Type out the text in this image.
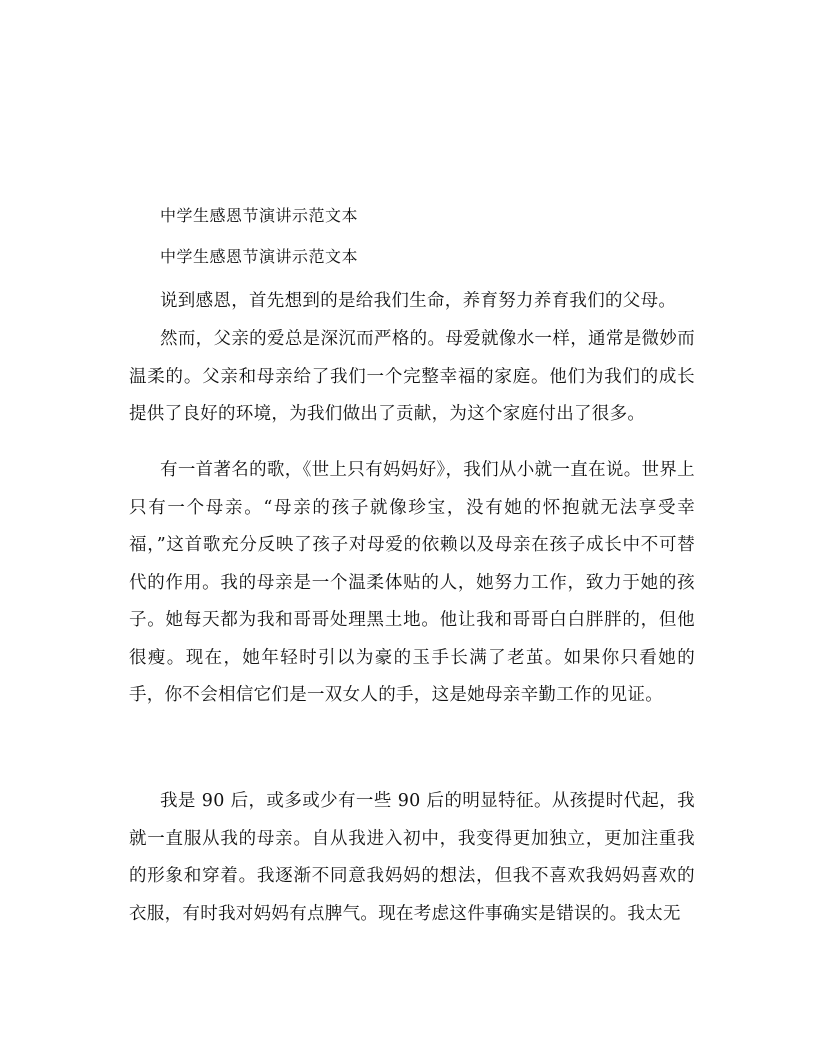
中学生感恩节演讲示范文本
中学生感恩节演讲示范文本

说到感恩，首先想到的是给我们生命，养育努力养育我们的父母。

然而，父亲的爱总是深沉而严格的。母爱就像水一样，通常是微妙而温柔的。父亲和母亲给了我们一个完整幸福的家庭。他们为我们的成长提供了良好的环境，为我们做出了贡献，为这个家庭付出了很多。

有一首著名的歌，《世上只有妈妈好》，我们从小就一直在说。世界上只有一个母亲。“母亲的孩子就像珍宝，没有她的怀抱就无法享受幸福，”这首歌充分反映了孩子对母爱的依赖以及母亲在孩子成长中不可替代的作用。我的母亲是一个温柔体贴的人，她努力工作，致力于她的孩子。她每天都为我和哥哥处理黑土地。他让我和哥哥白白胖胖的，但他很瘦。现在，她年轻时引以为豪的玉手长满了老茧。如果你只看她的手，你不会相信它们是一双女人的手，这是她母亲辛勤工作的见证。

我是 90 后，或多或少有一些 90 后的明显特征。从孩提时代起，我就一直服从我的母亲。自从我进入初中，我变得更加独立，更加注重我的形象和穿着。我逐渐不同意我妈妈的想法，但我不喜欢我妈妈喜欢的衣服，有时我对妈妈有点脾气。现在考虑这件事确实是错误的。我太无
